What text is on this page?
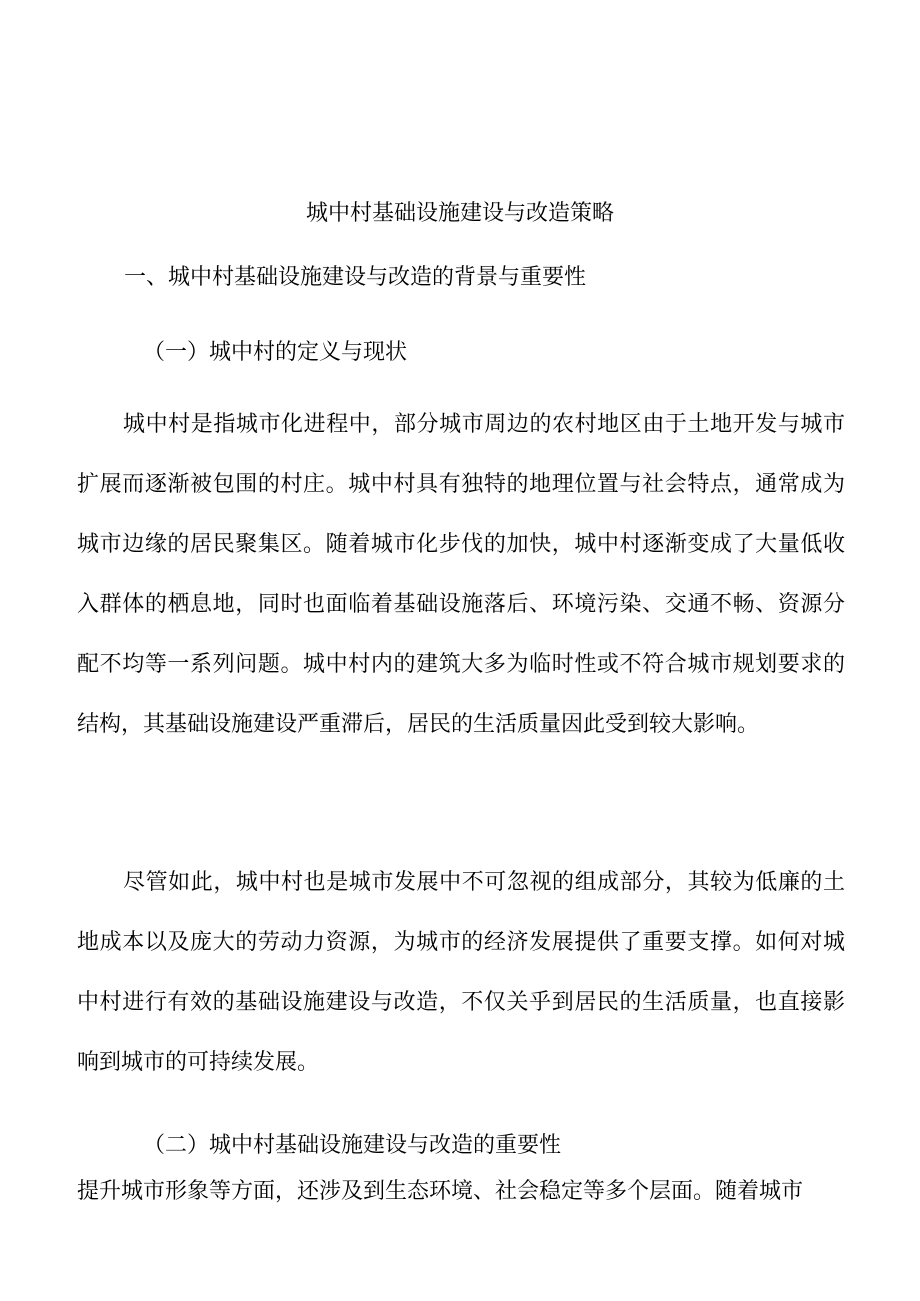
城中村基础设施建设与改造策略
一、城中村基础设施建设与改造的背景与重要性
（一）城中村的定义与现状

城中村是指城市化进程中，部分城市周边的农村地区由于土地开发与城市扩展而逐渐被包围的村庄。城中村具有独特的地理位置与社会特点，通常成为城市边缘的居民聚集区。随着城市化步伐的加快，城中村逐渐变成了大量低收入群体的栖息地，同时也面临着基础设施落后、环境污染、交通不畅、资源分配不均等一系列问题。城中村内的建筑大多为临时性或不符合城市规划要求的结构，其基础设施建设严重滞后，居民的生活质量因此受到较大影响。

尽管如此，城中村也是城市发展中不可忽视的组成部分，其较为低廉的土地成本以及庞大的劳动力资源，为城市的经济发展提供了重要支撑。如何对城中村进行有效的基础设施建设与改造，不仅关乎到居民的生活质量，也直接影响到城市的可持续发展。

（二）城中村基础设施建设与改造的重要性
提升城市形象等方面，还涉及到生态环境、社会稳定等多个层面。随着城市
